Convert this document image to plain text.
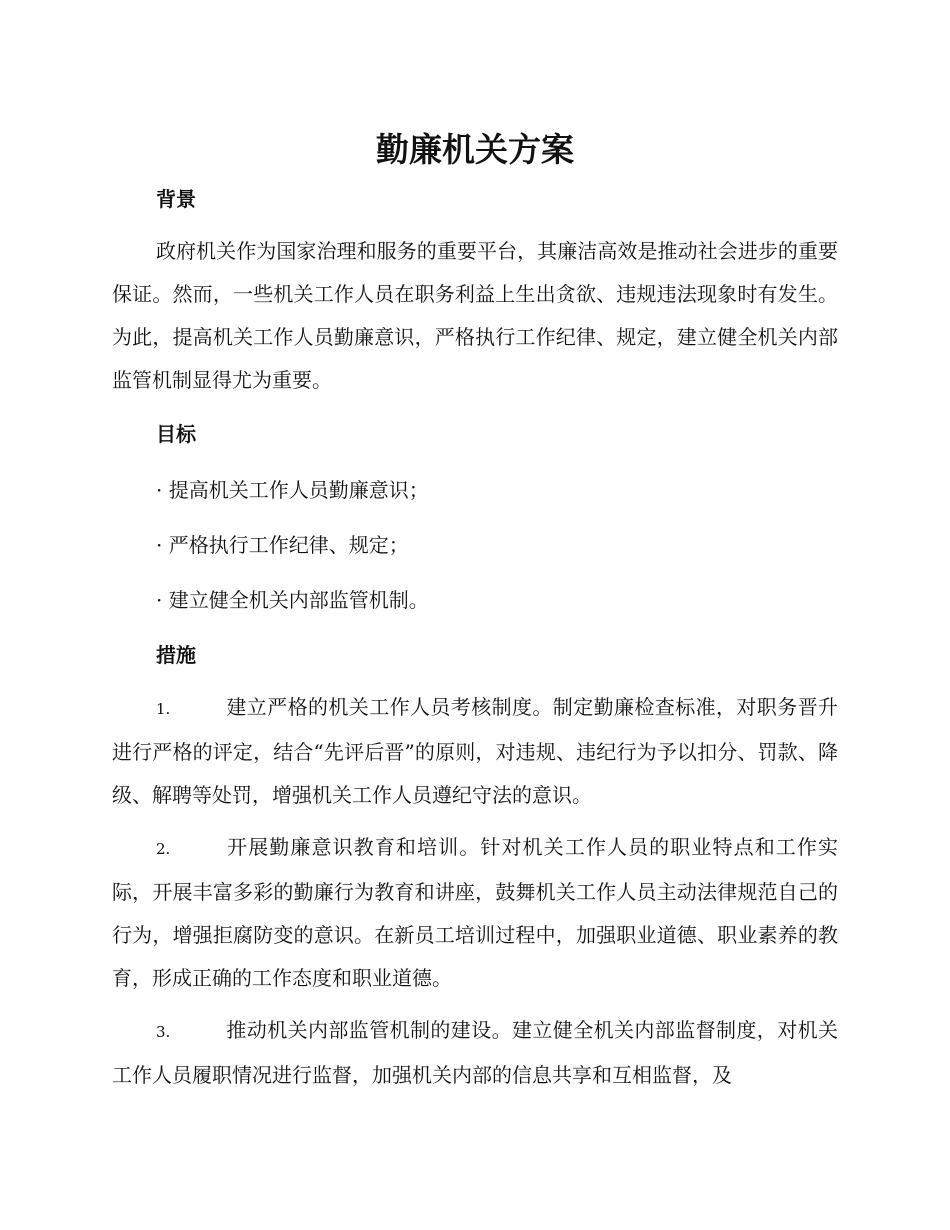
勤廉机关方案
背景

政府机关作为国家治理和服务的重要平台，其廉洁高效是推动社会进步的重要保证。然而，一些机关工作人员在职务利益上生出贪欲、违规违法现象时有发生。为此，提高机关工作人员勤廉意识，严格执行工作纪律、规定，建立健全机关内部监管机制显得尤为重要。

目标

· 提高机关工作人员勤廉意识；

· 严格执行工作纪律、规定；

· 建立健全机关内部监管机制。

措施

1.	建立严格的机关工作人员考核制度。制定勤廉检查标准，对职务晋升进行严格的评定，结合“先评后晋”的原则，对违规、违纪行为予以扣分、罚款、降级、解聘等处罚，增强机关工作人员遵纪守法的意识。

2.	开展勤廉意识教育和培训。针对机关工作人员的职业特点和工作实际，开展丰富多彩的勤廉行为教育和讲座，鼓舞机关工作人员主动法律规范自己的行为，增强拒腐防变的意识。在新员工培训过程中，加强职业道德、职业素养的教育，形成正确的工作态度和职业道德。

3.	推动机关内部监管机制的建设。建立健全机关内部监督制度，对机关工作人员履职情况进行监督，加强机关内部的信息共享和互相监督，及
